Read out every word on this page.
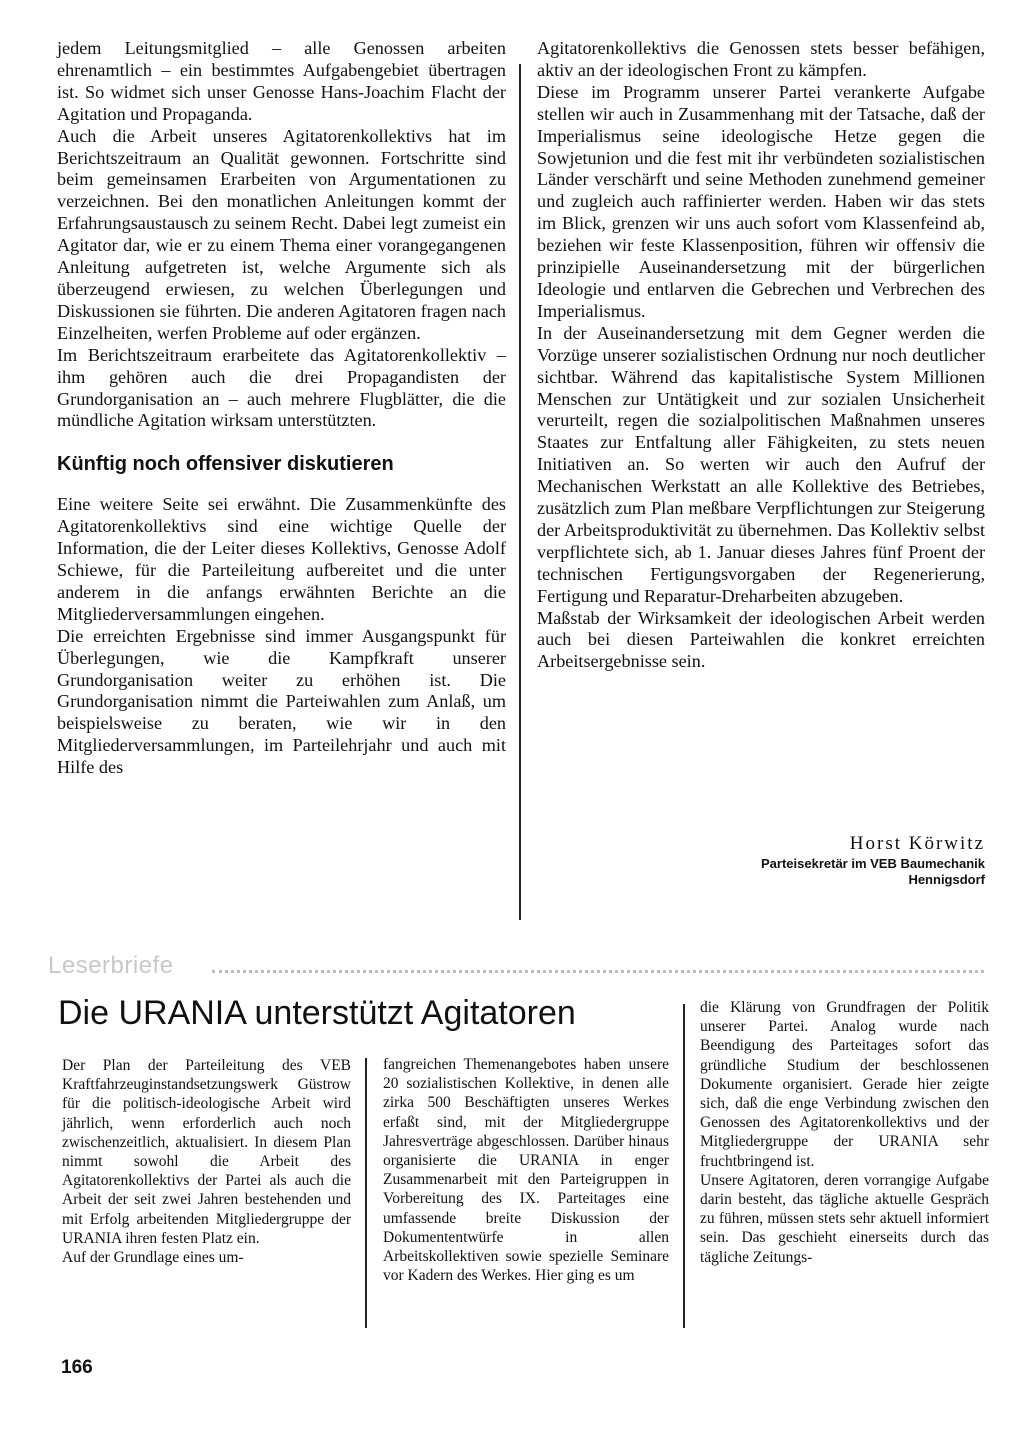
jedem Leitungsmitglied – alle Genossen arbeiten ehrenamtlich – ein bestimmtes Aufgabengebiet übertragen ist. So widmet sich unser Genosse Hans-Joachim Flacht der Agitation und Propaganda.

Auch die Arbeit unseres Agitatorenkollektivs hat im Berichtszeitraum an Qualität gewonnen. Fortschritte sind beim gemeinsamen Erarbeiten von Argumentationen zu verzeichnen. Bei den monatlichen Anleitungen kommt der Erfahrungsaustausch zu seinem Recht. Dabei legt zumeist ein Agitator dar, wie er zu einem Thema einer vorangegangenen Anleitung aufgetreten ist, welche Argumente sich als überzeugend erwiesen, zu welchen Überlegungen und Diskussionen sie führten. Die anderen Agitatoren fragen nach Einzelheiten, werfen Probleme auf oder ergänzen.

Im Berichtszeitraum erarbeitete das Agitatorenkollektiv – ihm gehören auch die drei Propagandisten der Grundorganisation an – auch mehrere Flugblätter, die die mündliche Agitation wirksam unterstützten.

Künftig noch offensiver diskutieren

Eine weitere Seite sei erwähnt. Die Zusammenkünfte des Agitatorenkollektivs sind eine wichtige Quelle der Information, die der Leiter dieses Kollektivs, Genosse Adolf Schiewe, für die Parteileitung aufbereitet und die unter anderem in die anfangs erwähnten Berichte an die Mitgliederversammlungen eingehen.

Die erreichten Ergebnisse sind immer Ausgangspunkt für Überlegungen, wie die Kampfkraft unserer Grundorganisation weiter zu erhöhen ist. Die Grundorganisation nimmt die Parteiwahlen zum Anlaß, um beispielsweise zu beraten, wie wir in den Mitgliederversammlungen, im Parteilehrjahr und auch mit Hilfe des

Agitatorenkollektivs die Genossen stets besser befähigen, aktiv an der ideologischen Front zu kämpfen.

Diese im Programm unserer Partei verankerte Aufgabe stellen wir auch in Zusammenhang mit der Tatsache, daß der Imperialismus seine ideologische Hetze gegen die Sowjetunion und die fest mit ihr verbündeten sozialistischen Länder verschärft und seine Methoden zunehmend gemeiner und zugleich auch raffinierter werden. Haben wir das stets im Blick, grenzen wir uns auch sofort vom Klassenfeind ab, beziehen wir feste Klassenposition, führen wir offensiv die prinzipielle Auseinandersetzung mit der bürgerlichen Ideologie und entlarven die Gebrechen und Verbrechen des Imperialismus.

In der Auseinandersetzung mit dem Gegner werden die Vorzüge unserer sozialistischen Ordnung nur noch deutlicher sichtbar. Während das kapitalistische System Millionen Menschen zur Untätigkeit und zur sozialen Unsicherheit verurteilt, regen die sozialpolitischen Maßnahmen unseres Staates zur Entfaltung aller Fähigkeiten, zu stets neuen Initiativen an. So werten wir auch den Aufruf der Mechanischen Werkstatt an alle Kollektive des Betriebes, zusätzlich zum Plan meßbare Verpflichtungen zur Steigerung der Arbeitsproduktivität zu übernehmen. Das Kollektiv selbst verpflichtete sich, ab 1. Januar dieses Jahres fünf Proent der technischen Fertigungsvorgaben der Regenerierung, Fertigung und Reparatur-Dreharbeiten abzugeben.

Maßstab der Wirksamkeit der ideologischen Arbeit werden auch bei diesen Parteiwahlen die konkret erreichten Arbeitsergebnisse sein.

Horst Körwitz
Parteisekretär im VEB Baumechanik
Hennigsdorf
Leserbriefe
Die URANIA unterstützt Agitatoren

Der Plan der Parteileitung des VEB Kraftfahrzeuginstandsetzungswerk Güstrow für die politisch-ideologische Arbeit wird jährlich, wenn erforderlich auch noch zwischenzeitlich, aktualisiert. In diesem Plan nimmt sowohl die Arbeit des Agitatorenkollektivs der Partei als auch die Arbeit der seit zwei Jahren bestehenden und mit Erfolg arbeitenden Mitgliedergruppe der URANIA ihren festen Platz ein.

Auf der Grundlage eines um-

fangreichen Themenangebotes haben unsere 20 sozialistischen Kollektive, in denen alle zirka 500 Beschäftigten unseres Werkes erfaßt sind, mit der Mitgliedergruppe Jahresverträge abgeschlossen. Darüber hinaus organisierte die URANIA in enger Zusammenarbeit mit den Parteigruppen in Vorbereitung des IX. Parteitages eine umfassende breite Diskussion der Dokumententwürfe in allen Arbeitskollektiven sowie spezielle Seminare vor Kadern des Werkes. Hier ging es um

die Klärung von Grundfragen der Politik unserer Partei. Analog wurde nach Beendigung des Parteitages sofort das gründliche Studium der beschlossenen Dokumente organisiert. Gerade hier zeigte sich, daß die enge Verbindung zwischen den Genossen des Agitatorenkollektivs und der Mitgliedergruppe der URANIA sehr fruchtbringend ist.

Unsere Agitatoren, deren vorrangige Aufgabe darin besteht, das tägliche aktuelle Gespräch zu führen, müssen stets sehr aktuell informiert sein. Das geschieht einerseits durch das tägliche Zeitungs-

166
